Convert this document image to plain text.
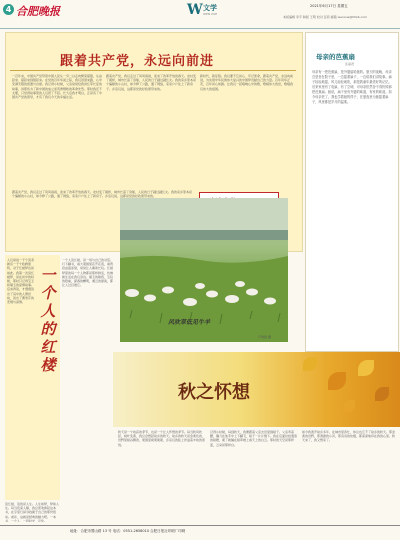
4 合肥晚报	W 文学
WEN XUE
2021年6月17日 星期五
本版编辑 李平 制版 王明 校对 张莉 邮箱 wenxue@hfwb.com
跟着共产党，永远向前进
一百年来，中国共产党带领中国人民从一穷二白走向繁荣富强，从站起来、富起来到强起来。在党的百年华诞之际，我们回望来路，心中充满无限的感激与自豪。我记得小时候，父亲常常给我讲红军长征的故事，讲那些为了新中国的成立而英勇牺牲的革命先烈。那时我还不太懂，只觉得故事里的人们很了不起。长大后我才明白，正是有了中国共产党的领导，才有了我们今天的幸福生活。
跟着共产党，我们走过了风风雨雨，迎来了改革开放的春天。农村变了模样，城市长高了身躯，人民的日子越过越红火。我的家乡原本是个偏僻的小山村，如今修了公路，通了网络，家家户户住上了新房子。乡亲们说，这都是党的好政策带来的。
新时代，新征程。我们要不忘初心、牢记使命，跟着共产党，永远向前进，为实现中华民族伟大复兴的中国梦贡献自己的力量。百年风华正茂，百年初心如磐。让我们一起唱响心中的歌，歌唱伟大的党，歌唱我们伟大的祖国。
跟着共产党，我们走过了风风雨雨，迎来了改革开放的春天。农村变了模样，城市长高了身躯，人民的日子越过越红火。我的家乡原本是个偏僻的小山村，如今修了公路，通了网络，家家户户住上了新房子。乡亲们说，这都是党的好政策带来的。
母亲的芭蕉扇
张丽君
母亲有一把芭蕉扇，是外婆留给她的。夏天的夜晚，母亲总是坐在院子里，一边摇着扇子，一边给我们讲故事。扇子轻轻地摇，风儿轻轻地吹，那是我童年最美好的记忆。后来家里有了电扇，有了空调，可母亲依然舍不得扔掉那把芭蕉扇。她说，扇子里有外婆的味道，有家的味道。如今母亲老了，我也学着她的样子，在夏夜里为她摇着扇子，风里都是岁月的温柔。
一个人的红楼
人们常说一千个读者就有一千个哈姆雷特，对于红楼梦也是如此。我第一次读红楼梦，是在初中的时候，那时只记得宝玉和黛玉的爱情故事。后来再读，才慢慢读出了其中的人情世故，读出了曹雪芹的悲悯与深情。
一个人读红楼，是一场与自己的对话。灯下翻书，看大观园里花开花落，看贾府由盛而衰，常常让人掩卷长叹。红楼梦里的每一个人物都是那样鲜活，仿佛就生活在我们身边。黛玉的敏感，宝钗的稳重，探春的精明，湘云的豪爽，都让人过目难忘。
读红楼，读的是人生。人生如梦，梦如人生。每当夜深人静，我总喜欢捧起这本书，在字里行间寻找属于自己的那份感动。或许，这就是经典的魅力吧。一本书，一个人，一段时光，足矣。
风吹草低见牛羊
芦建国 摄
秋之怀想
秋天是一个收获的季节，也是一个让人怀想的季节。每当秋风吹起，树叶变黄，我总会想起故乡的秋天。故乡的秋天是金黄色的，田野里稻谷飘香，果园里硕果累累，乡亲们的脸上洋溢着丰收的喜悦。
记得小时候，每到秋天，我便跟着父亲去田里割稻子。父亲弯着腰，镰刀在他手中上下翻飞，稻子一片片倒下。我在后面捡拾遗落的稻穗，累了就躺在稻草堆上看天上的白云。那时的天空是那样蓝，云朵是那样白。
如今我离开故乡多年，在城市里奔忙，却总也忘不了故乡的秋天。那金黄的田野，那清澈的小河，那袅袅的炊烟，都深深地印在我的心里。秋天来了，我又想家了。
地址：合肥市蜀山路 13 号 电话：0551-2658010 合肥日报社印刷厂印刷
